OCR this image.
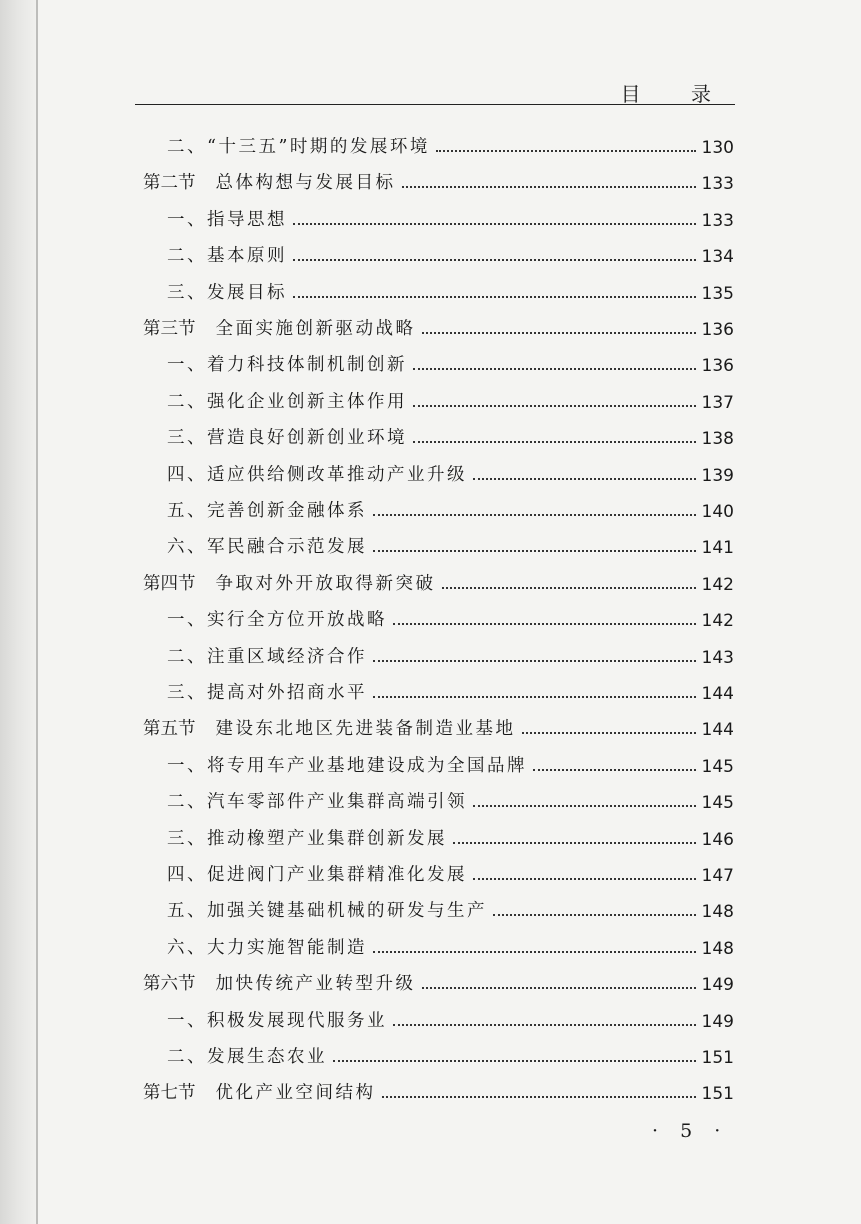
目 录
二、“十三五”时期的发展环境	130
第二节 总体构想与发展目标	133
一、指导思想	133
二、基本原则	134
三、发展目标	135
第三节 全面实施创新驱动战略	136
一、着力科技体制机制创新	136
二、强化企业创新主体作用	137
三、营造良好创新创业环境	138
四、适应供给侧改革推动产业升级	139
五、完善创新金融体系	140
六、军民融合示范发展	141
第四节 争取对外开放取得新突破	142
一、实行全方位开放战略	142
二、注重区域经济合作	143
三、提高对外招商水平	144
第五节 建设东北地区先进装备制造业基地	144
一、将专用车产业基地建设成为全国品牌	145
二、汽车零部件产业集群高端引领	145
三、推动橡塑产业集群创新发展	146
四、促进阀门产业集群精准化发展	147
五、加强关键基础机械的研发与生产	148
六、大力实施智能制造	148
第六节 加快传统产业转型升级	149
一、积极发展现代服务业	149
二、发展生态农业	151
第七节 优化产业空间结构	151
· 5 ·
